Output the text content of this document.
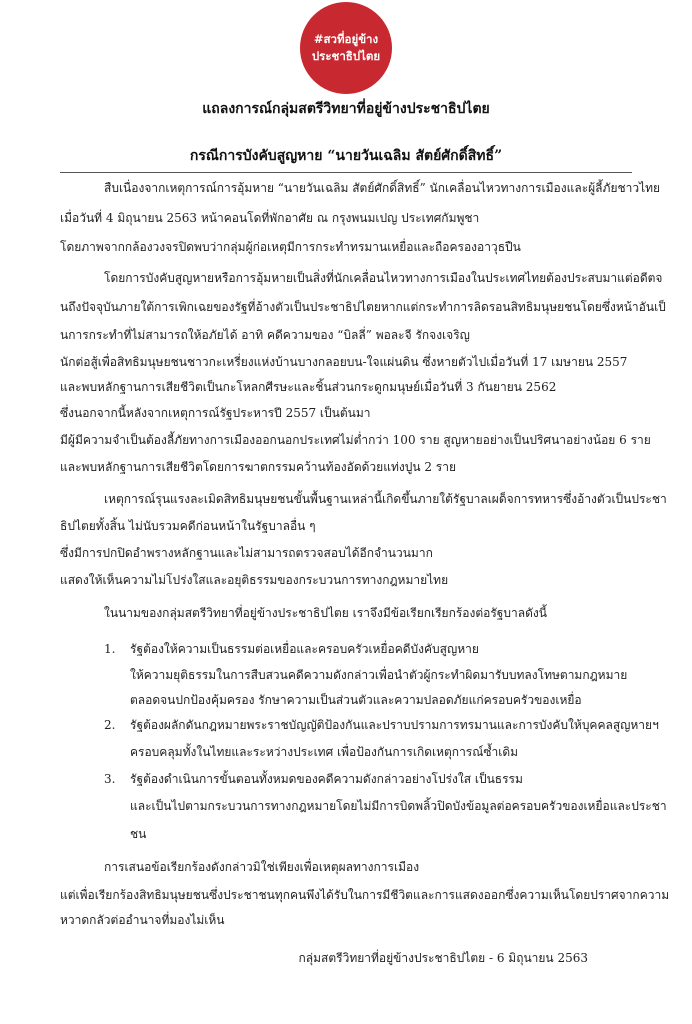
#สวที่อยู่ข้าง
ประชาธิปไตย
แถลงการณ์กลุ่มสตรีวิทยาที่อยู่ข้างประชาธิปไตย
กรณีการบังคับสูญหาย “นายวันเฉลิม สัตย์ศักดิ์สิทธิ์”

สืบเนื่องจากเหตุการณ์การอุ้มหาย “นายวันเฉลิม สัตย์ศักดิ์สิทธิ์” นักเคลื่อนไหวทางการเมืองและผู้ลี้ภัยชาวไทย

เมื่อวันที่ 4 มิถุนายน 2563 หน้าคอนโดที่พักอาศัย ณ กรุงพนมเปญ ประเทศกัมพูชา

โดยภาพจากกล้องวงจรปิดพบว่ากลุ่มผู้ก่อเหตุมีการกระทำทรมานเหยื่อและถือครองอาวุธปืน

โดยการบังคับสูญหายหรือการอุ้มหายเป็นสิ่งที่นักเคลื่อนไหวทางการเมืองในประเทศไทยต้องประสบมาแต่อดีตจ

นถึงปัจจุบันภายใต้การเพิกเฉยของรัฐที่อ้างตัวเป็นประชาธิปไตยหากแต่กระทำการลิดรอนสิทธิมนุษยชนโดยซึ่งหน้าอันเป็

นการกระทำที่ไม่สามารถให้อภัยได้ อาทิ คดีความของ “บิลลี่” พอละจี รักจงเจริญ

นักต่อสู้เพื่อสิทธิมนุษยชนชาวกะเหรี่ยงแห่งบ้านบางกลอยบน-ใจแผ่นดิน ซึ่งหายตัวไปเมื่อวันที่ 17 เมษายน 2557

และพบหลักฐานการเสียชีวิตเป็นกะโหลกศีรษะและชิ้นส่วนกระดูกมนุษย์เมื่อวันที่ 3 กันยายน 2562

ซึ่งนอกจากนี้หลังจากเหตุการณ์รัฐประหารปี 2557 เป็นต้นมา

มีผู้มีความจำเป็นต้องลี้ภัยทางการเมืองออกนอกประเทศไม่ต่ำกว่า 100 ราย สูญหายอย่างเป็นปริศนาอย่างน้อย 6 ราย

และพบหลักฐานการเสียชีวิตโดยการฆาตกรรมคว้านท้องอัดด้วยแท่งปูน 2 ราย

เหตุการณ์รุนแรงละเมิดสิทธิมนุษยชนขั้นพื้นฐานเหล่านี้เกิดขึ้นภายใต้รัฐบาลเผด็จการทหารซึ่งอ้างตัวเป็นประชา

ธิปไตยทั้งสิ้น ไม่นับรวมคดีก่อนหน้าในรัฐบาลอื่น ๆ

ซึ่งมีการปกปิดอำพรางหลักฐานและไม่สามารถตรวจสอบได้อีกจำนวนมาก

แสดงให้เห็นความไม่โปร่งใสและอยุติธรรมของกระบวนการทางกฎหมายไทย

ในนามของกลุ่มสตรีวิทยาที่อยู่ข้างประชาธิปไตย เราจึงมีข้อเรียกเรียกร้องต่อรัฐบาลดังนี้

1. รัฐต้องให้ความเป็นธรรมต่อเหยื่อและครอบครัวเหยื่อคดีบังคับสูญหาย

ให้ความยุติธรรมในการสืบสวนคดีความดังกล่าวเพื่อนำตัวผู้กระทำผิดมารับบทลงโทษตามกฎหมาย

ตลอดจนปกป้องคุ้มครอง รักษาความเป็นส่วนตัวและความปลอดภัยแก่ครอบครัวของเหยื่อ

2. รัฐต้องผลักดันกฎหมายพระราชบัญญัติป้องกันและปราบปรามการทรมานและการบังคับให้บุคคลสูญหายฯ

ครอบคลุมทั้งในไทยและระหว่างประเทศ เพื่อป้องกันการเกิดเหตุการณ์ซ้ำเดิม

3. รัฐต้องดำเนินการขั้นตอนทั้งหมดของคดีความดังกล่าวอย่างโปร่งใส เป็นธรรม

และเป็นไปตามกระบวนการทางกฎหมายโดยไม่มีการบิดพลิ้วปิดบังข้อมูลต่อครอบครัวของเหยื่อและประชา

ชน

การเสนอข้อเรียกร้องดังกล่าวมิใช่เพียงเพื่อเหตุผลทางการเมือง

แต่เพื่อเรียกร้องสิทธิมนุษยชนซึ่งประชาชนทุกคนพึงได้รับในการมีชีวิตและการแสดงออกซึ่งความเห็นโดยปราศจากความ

หวาดกลัวต่ออำนาจที่มองไม่เห็น

กลุ่มสตรีวิทยาที่อยู่ข้างประชาธิปไตย - 6 มิถุนายน 2563
